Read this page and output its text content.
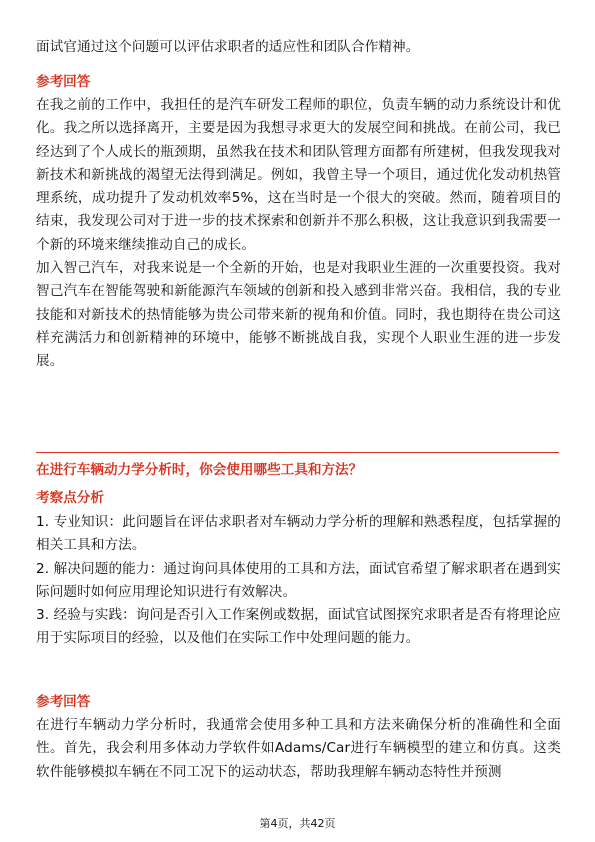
面试官通过这个问题可以评估求职者的适应性和团队合作精神。

参考回答

在我之前的工作中，我担任的是汽车研发工程师的职位，负责车辆的动力系统设计和优化。我之所以选择离开，主要是因为我想寻求更大的发展空间和挑战。在前公司，我已经达到了个人成长的瓶颈期，虽然我在技术和团队管理方面都有所建树，但我发现我对新技术和新挑战的渴望无法得到满足。例如，我曾主导一个项目，通过优化发动机热管理系统，成功提升了发动机效率5%，这在当时是一个很大的突破。然而，随着项目的结束，我发现公司对于进一步的技术探索和创新并不那么积极，这让我意识到我需要一个新的环境来继续推动自己的成长。

加入智己汽车，对我来说是一个全新的开始，也是对我职业生涯的一次重要投资。我对智己汽车在智能驾驶和新能源汽车领域的创新和投入感到非常兴奋。我相信，我的专业技能和对新技术的热情能够为贵公司带来新的视角和价值。同时，我也期待在贵公司这样充满活力和创新精神的环境中，能够不断挑战自我，实现个人职业生涯的进一步发展。

在进行车辆动力学分析时，你会使用哪些工具和方法？

考察点分析

1. 专业知识：此问题旨在评估求职者对车辆动力学分析的理解和熟悉程度，包括掌握的相关工具和方法。

2. 解决问题的能力：通过询问具体使用的工具和方法，面试官希望了解求职者在遇到实际问题时如何应用理论知识进行有效解决。

3. 经验与实践：询问是否引入工作案例或数据，面试官试图探究求职者是否有将理论应用于实际项目的经验，以及他们在实际工作中处理问题的能力。

参考回答

在进行车辆动力学分析时，我通常会使用多种工具和方法来确保分析的准确性和全面性。首先，我会利用多体动力学软件如Adams/Car进行车辆模型的建立和仿真。这类软件能够模拟车辆在不同工况下的运动状态，帮助我理解车辆动态特性并预测

第4页，共42页
